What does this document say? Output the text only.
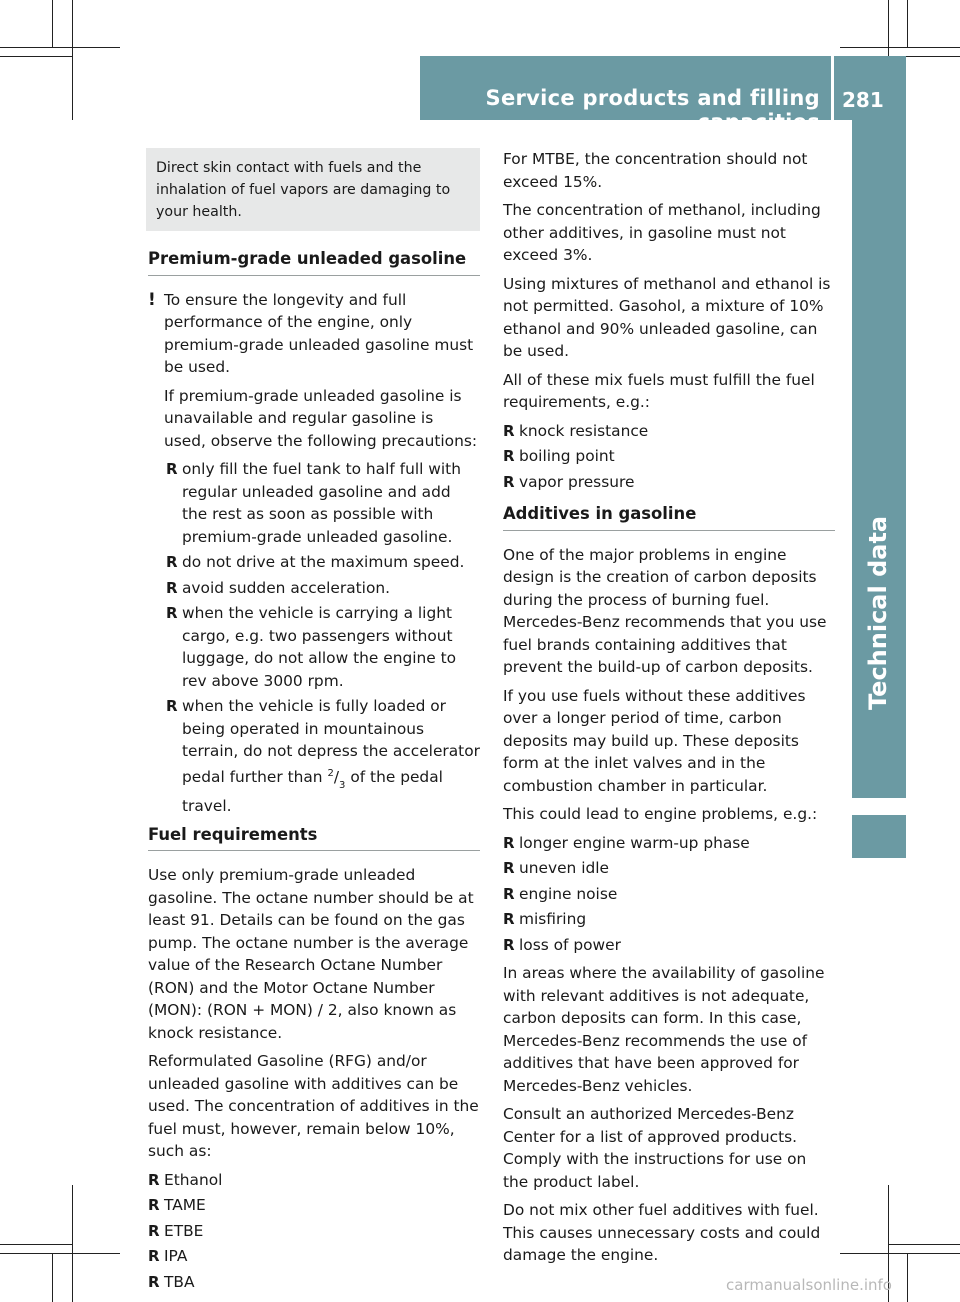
Service products and filling capacities
281
Technical data

Direct skin contact with fuels and the inhalation of fuel vapors are damaging to your health.

Premium-grade unleaded gasoline
! To ensure the longevity and full performance of the engine, only premium-grade unleaded gasoline must be used.

If premium-grade unleaded gasoline is unavailable and regular gasoline is used, observe the following precautions:

R only fill the fuel tank to half full with regular unleaded gasoline and add the rest as soon as possible with premium-grade unleaded gasoline.
R do not drive at the maximum speed.
R avoid sudden acceleration.
R when the vehicle is carrying a light cargo, e.g. two passengers without luggage, do not allow the engine to rev above 3000 rpm.
R when the vehicle is fully loaded or being operated in mountainous terrain, do not depress the accelerator pedal further than $^2/_3$ of the pedal travel.
Fuel requirements

Use only premium-grade unleaded gasoline. The octane number should be at least 91. Details can be found on the gas pump. The octane number is the average value of the Research Octane Number (RON) and the Motor Octane Number (MON): (RON + MON) / 2, also known as knock resistance.

Reformulated Gasoline (RFG) and/or unleaded gasoline with additives can be used. The concentration of additives in the fuel must, however, remain below 10%, such as:

R Ethanol
R TAME
R ETBE
R IPA
R TBA

For MTBE, the concentration should not exceed 15%.

The concentration of methanol, including other additives, in gasoline must not exceed 3%.

Using mixtures of methanol and ethanol is not permitted. Gasohol, a mixture of 10% ethanol and 90% unleaded gasoline, can be used.

All of these mix fuels must fulfill the fuel requirements, e.g.:

R knock resistance
R boiling point
R vapor pressure
Additives in gasoline

One of the major problems in engine design is the creation of carbon deposits during the process of burning fuel. Mercedes-Benz recommends that you use fuel brands containing additives that prevent the build-up of carbon deposits.

If you use fuels without these additives over a longer period of time, carbon deposits may build up. These deposits form at the inlet valves and in the combustion chamber in particular.

This could lead to engine problems, e.g.:

R longer engine warm-up phase
R uneven idle
R engine noise
R misfiring
R loss of power

In areas where the availability of gasoline with relevant additives is not adequate, carbon deposits can form. In this case, Mercedes-Benz recommends the use of additives that have been approved for Mercedes-Benz vehicles.

Consult an authorized Mercedes-Benz Center for a list of approved products. Comply with the instructions for use on the product label.

Do not mix other fuel additives with fuel. This causes unnecessary costs and could damage the engine.

carmanualsonline.info
